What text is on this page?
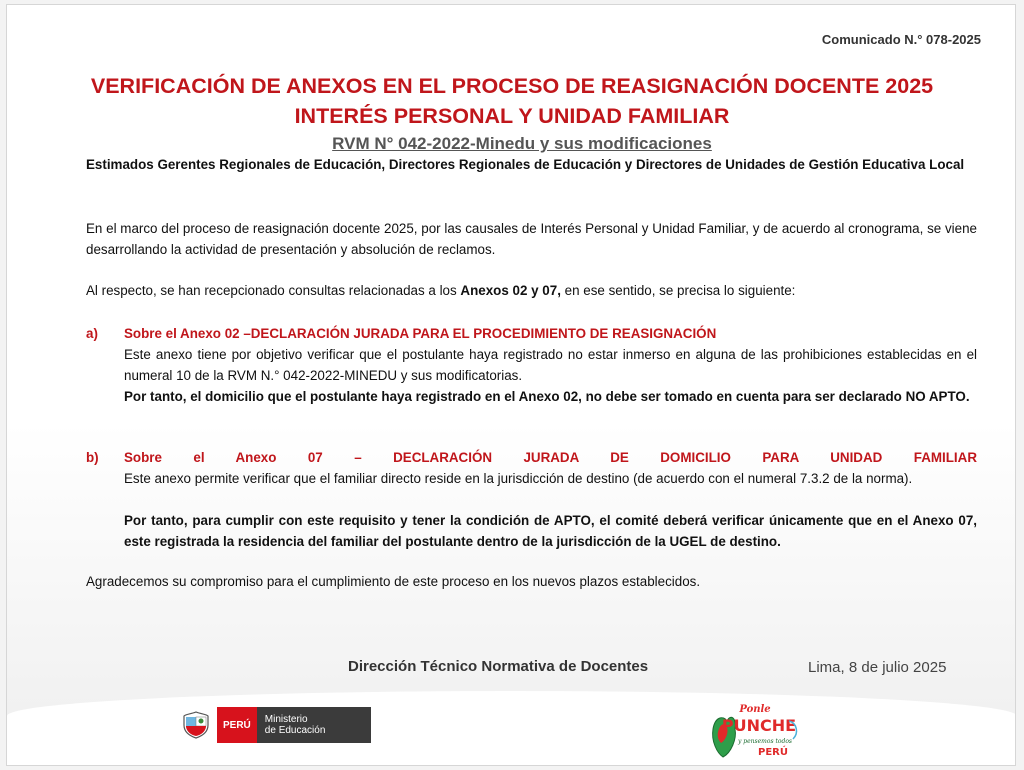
Comunicado N.° 078-2025
VERIFICACIÓN DE ANEXOS EN EL PROCESO DE REASIGNACIÓN DOCENTE 2025
INTERÉS PERSONAL Y UNIDAD FAMILIAR
RVM N° 042-2022-Minedu y sus modificaciones
Estimados Gerentes Regionales de Educación, Directores Regionales de Educación y Directores de Unidades de Gestión Educativa Local
En el marco del proceso de reasignación docente 2025, por las causales de Interés Personal y Unidad Familiar, y de acuerdo al cronograma, se viene desarrollando la actividad de presentación y absolución de reclamos.
Al respecto, se han recepcionado consultas relacionadas a los Anexos 02 y 07, en ese sentido, se precisa lo siguiente:
a) Sobre el Anexo 02 –DECLARACIÓN JURADA PARA EL PROCEDIMIENTO DE REASIGNACIÓN
Este anexo tiene por objetivo verificar que el postulante haya registrado no estar inmerso en alguna de las prohibiciones establecidas en el numeral 10 de la RVM N.° 042-2022-MINEDU y sus modificatorias.
Por tanto, el domicilio que el postulante haya registrado en el Anexo 02, no debe ser tomado en cuenta para ser declarado NO APTO.
b) Sobre el Anexo 07 – DECLARACIÓN JURADA DE DOMICILIO PARA UNIDAD FAMILIAR
Este anexo permite verificar que el familiar directo reside en la jurisdicción de destino (de acuerdo con el numeral 7.3.2 de la norma).
Por tanto, para cumplir con este requisito y tener la condición de APTO, el comité deberá verificar únicamente que en el Anexo 07, este registrada la residencia del familiar del postulante dentro de la jurisdicción de la UGEL de destino.
Agradecemos su compromiso para el cumplimiento de este proceso en los nuevos plazos establecidos.
Dirección Técnico Normativa de Docentes	Lima, 8 de julio 2025
PERÚ	Ministerio
de Educación
Ponle
PUNCHE
y pensemos todos
PERÚ
